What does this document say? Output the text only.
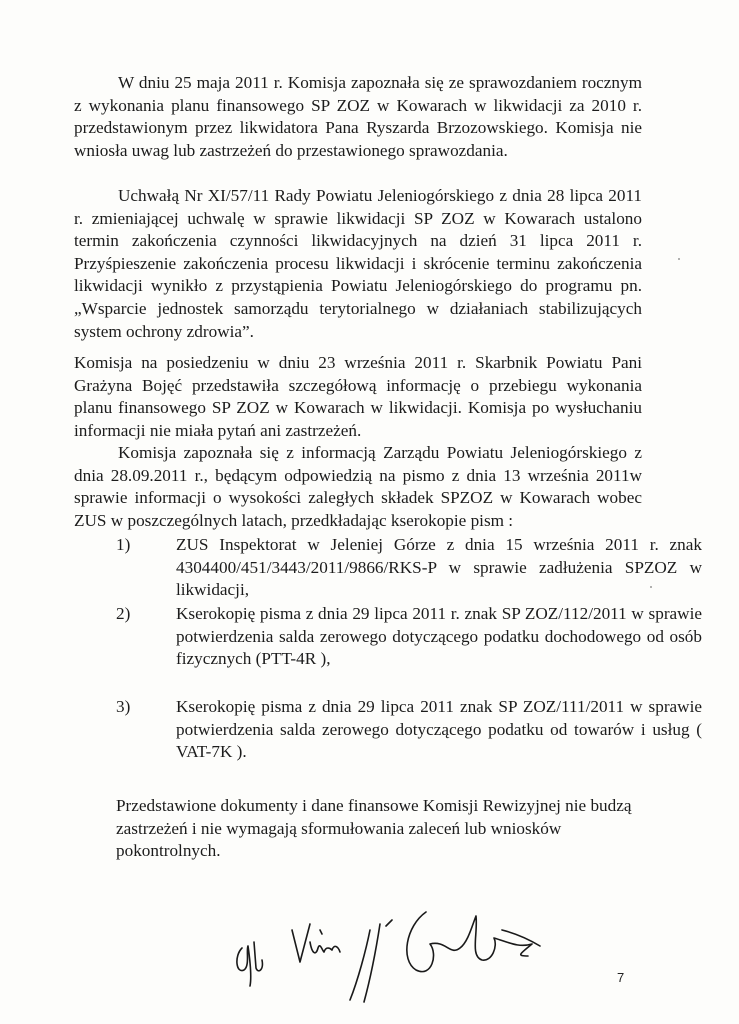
W dniu 25 maja 2011 r. Komisja zapoznała się ze sprawozdaniem rocznym z wykonania planu finansowego SP ZOZ w Kowarach w likwidacji za 2010 r. przedstawionym przez likwidatora Pana Ryszarda Brzozowskiego. Komisja nie wniosła uwag lub zastrzeżeń do przestawionego sprawozdania.

Uchwałą Nr XI/57/11 Rady Powiatu Jeleniogórskiego z dnia 28 lipca 2011 r. zmieniającej uchwalę w sprawie likwidacji SP ZOZ w Kowarach ustalono termin zakończenia czynności likwidacyjnych na dzień 31 lipca 2011 r. Przyśpieszenie zakończenia procesu likwidacji i skrócenie terminu zakończenia likwidacji wynikło z przystąpienia Powiatu Jeleniogórskiego do programu pn. „Wsparcie jednostek samorządu terytorialnego w działaniach stabilizujących system ochrony zdrowia”.

Komisja na posiedzeniu w dniu 23 września 2011 r. Skarbnik Powiatu Pani Grażyna Bojęć przedstawiła szczegółową informację o przebiegu wykonania planu finansowego SP ZOZ w Kowarach w likwidacji. Komisja po wysłuchaniu informacji nie miała pytań ani zastrzeżeń.

Komisja zapoznała się z informacją Zarządu Powiatu Jeleniogórskiego z dnia 28.09.2011 r., będącym odpowiedzią na pismo z dnia 13 września 2011w sprawie informacji o wysokości zaległych składek SPZOZ w Kowarach wobec ZUS w poszczególnych latach, przedkładając kserokopie pism :

1)	ZUS Inspektorat w Jeleniej Górze z dnia 15 września 2011 r. znak 4304400/451/3443/2011/9866/RKS-P w sprawie zadłużenia SPZOZ w likwidacji,
2)	Kserokopię pisma z dnia 29 lipca 2011 r. znak SP ZOZ/112/2011 w sprawie potwierdzenia salda zerowego dotyczącego podatku dochodowego od osób fizycznych (PTT-4R ),
3)	Kserokopię pisma z dnia 29 lipca 2011 znak SP ZOZ/111/2011 w sprawie potwierdzenia salda zerowego dotyczącego podatku od towarów i usług ( VAT-7K ).

Przedstawione dokumenty i dane finansowe Komisji Rewizyjnej nie budzą zastrzeżeń i nie wymagają sformułowania zaleceń lub wniosków pokontrolnych.

7
